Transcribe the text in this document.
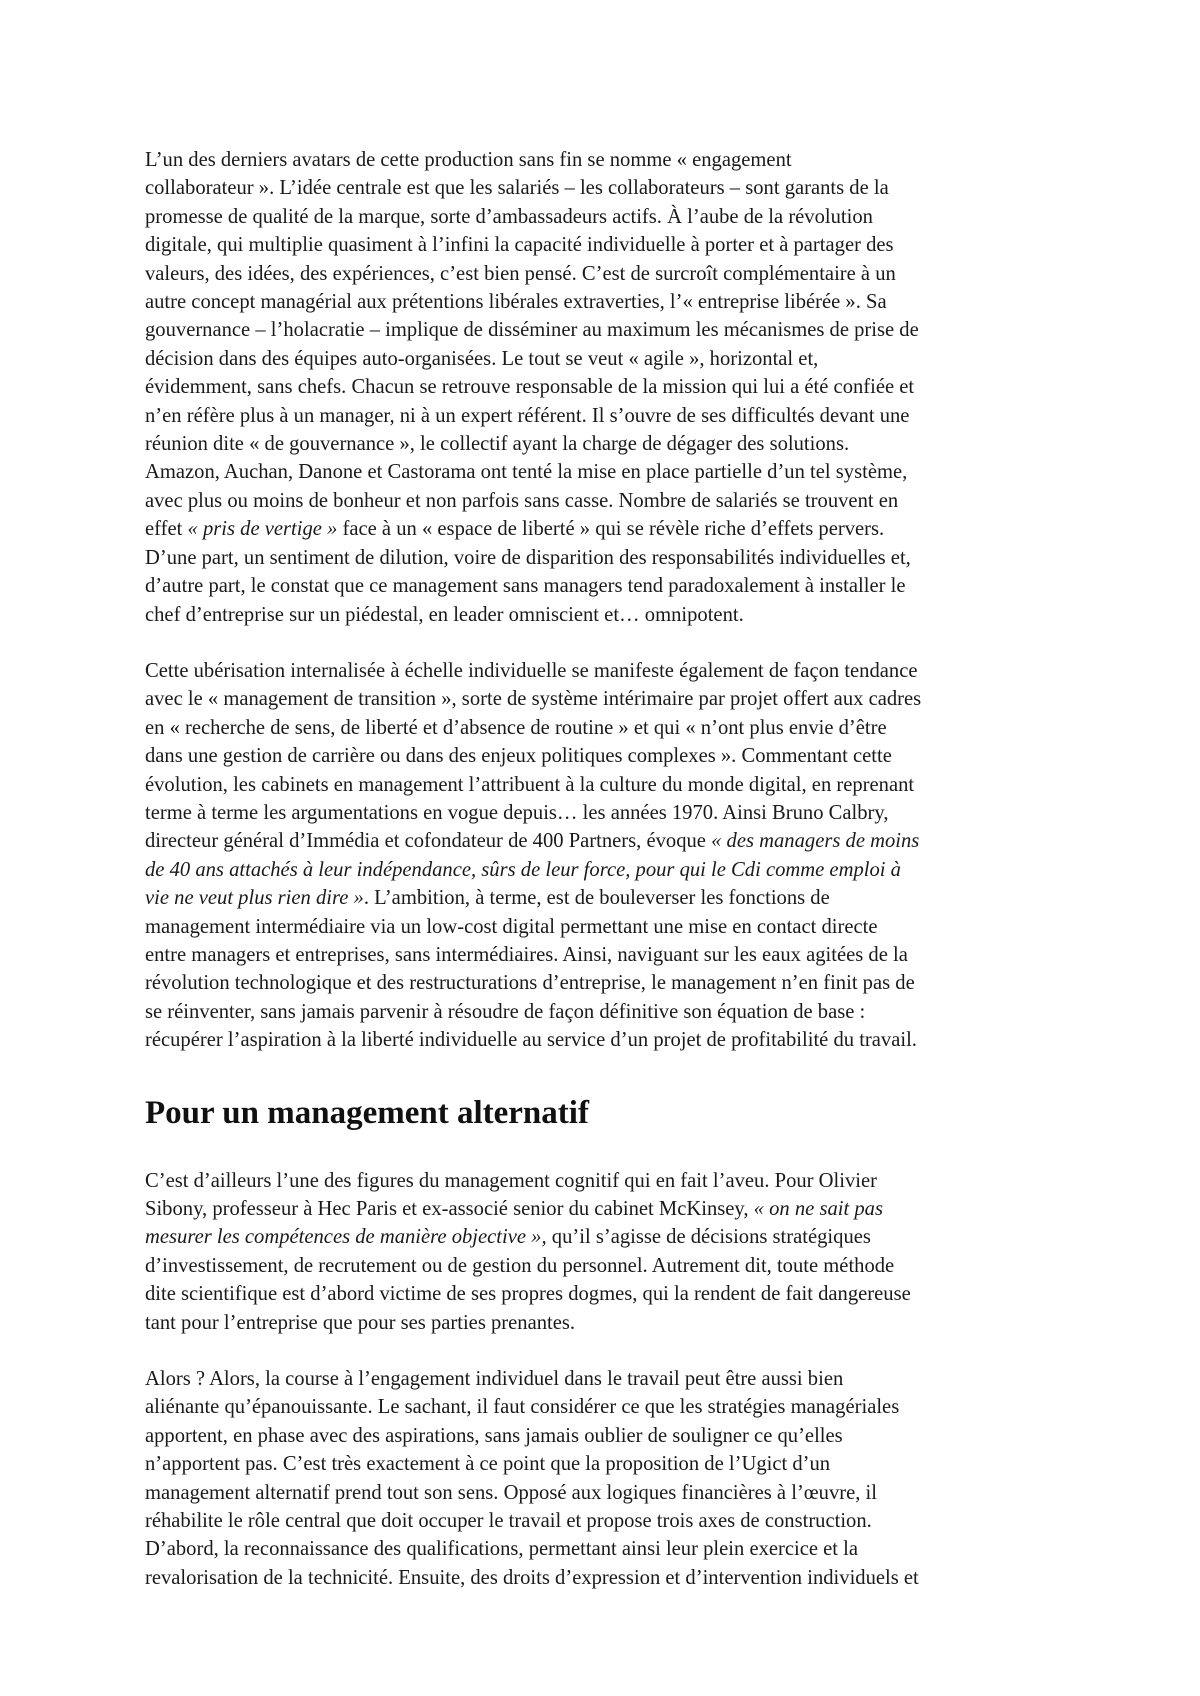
L’un des derniers avatars de cette production sans fin se nomme « engagement
collaborateur ». L’idée centrale est que les salariés – les collaborateurs – sont garants de la
promesse de qualité de la marque, sorte d’ambassadeurs actifs. À l’aube de la révolution
digitale, qui multiplie quasiment à l’infini la capacité individuelle à porter et à partager des
valeurs, des idées, des expériences, c’est bien pensé. C’est de surcroît complémentaire à un
autre concept managérial aux prétentions libérales extraverties, l’« entreprise libérée ». Sa
gouvernance – l’holacratie – implique de disséminer au maximum les mécanismes de prise de
décision dans des équipes auto-organisées. Le tout se veut « agile », horizontal et,
évidemment, sans chefs. Chacun se retrouve responsable de la mission qui lui a été confiée et
n’en réfère plus à un manager, ni à un expert référent. Il s’ouvre de ses difficultés devant une
réunion dite « de gouvernance », le collectif ayant la charge de dégager des solutions.
Amazon, Auchan, Danone et Castorama ont tenté la mise en place partielle d’un tel système,
avec plus ou moins de bonheur et non parfois sans casse. Nombre de salariés se trouvent en
effet « pris de vertige » face à un « espace de liberté » qui se révèle riche d’effets pervers.
D’une part, un sentiment de dilution, voire de disparition des responsabilités individuelles et,
d’autre part, le constat que ce management sans managers tend paradoxalement à installer le
chef d’entreprise sur un piédestal, en leader omniscient et… omnipotent.
Cette ubérisation internalisée à échelle individuelle se manifeste également de façon tendance
avec le « management de transition », sorte de système intérimaire par projet offert aux cadres
en « recherche de sens, de liberté et d’absence de routine » et qui « n’ont plus envie d’être
dans une gestion de carrière ou dans des enjeux politiques complexes ». Commentant cette
évolution, les cabinets en management l’attribuent à la culture du monde digital, en reprenant
terme à terme les argumentations en vogue depuis… les années 1970. Ainsi Bruno Calbry,
directeur général d’Immédia et cofondateur de 400 Partners, évoque « des managers de moins
de 40 ans attachés à leur indépendance, sûrs de leur force, pour qui le Cdi comme emploi à
vie ne veut plus rien dire ». L’ambition, à terme, est de bouleverser les fonctions de
management intermédiaire via un low-cost digital permettant une mise en contact directe
entre managers et entreprises, sans intermédiaires. Ainsi, naviguant sur les eaux agitées de la
révolution technologique et des restructurations d’entreprise, le management n’en finit pas de
se réinventer, sans jamais parvenir à résoudre de façon définitive son équation de base :
récupérer l’aspiration à la liberté individuelle au service d’un projet de profitabilité du travail.
Pour un management alternatif
C’est d’ailleurs l’une des figures du management cognitif qui en fait l’aveu. Pour Olivier
Sibony, professeur à Hec Paris et ex-associé senior du cabinet McKinsey, « on ne sait pas
mesurer les compétences de manière objective », qu’il s’agisse de décisions stratégiques
d’investissement, de recrutement ou de gestion du personnel. Autrement dit, toute méthode
dite scientifique est d’abord victime de ses propres dogmes, qui la rendent de fait dangereuse
tant pour l’entreprise que pour ses parties prenantes.
Alors ? Alors, la course à l’engagement individuel dans le travail peut être aussi bien
aliénante qu’épanouissante. Le sachant, il faut considérer ce que les stratégies managériales
apportent, en phase avec des aspirations, sans jamais oublier de souligner ce qu’elles
n’apportent pas. C’est très exactement à ce point que la proposition de l’Ugict d’un
management alternatif prend tout son sens. Opposé aux logiques financières à l’œuvre, il
réhabilite le rôle central que doit occuper le travail et propose trois axes de construction.
D’abord, la reconnaissance des qualifications, permettant ainsi leur plein exercice et la
revalorisation de la technicité. Ensuite, des droits d’expression et d’intervention individuels et
